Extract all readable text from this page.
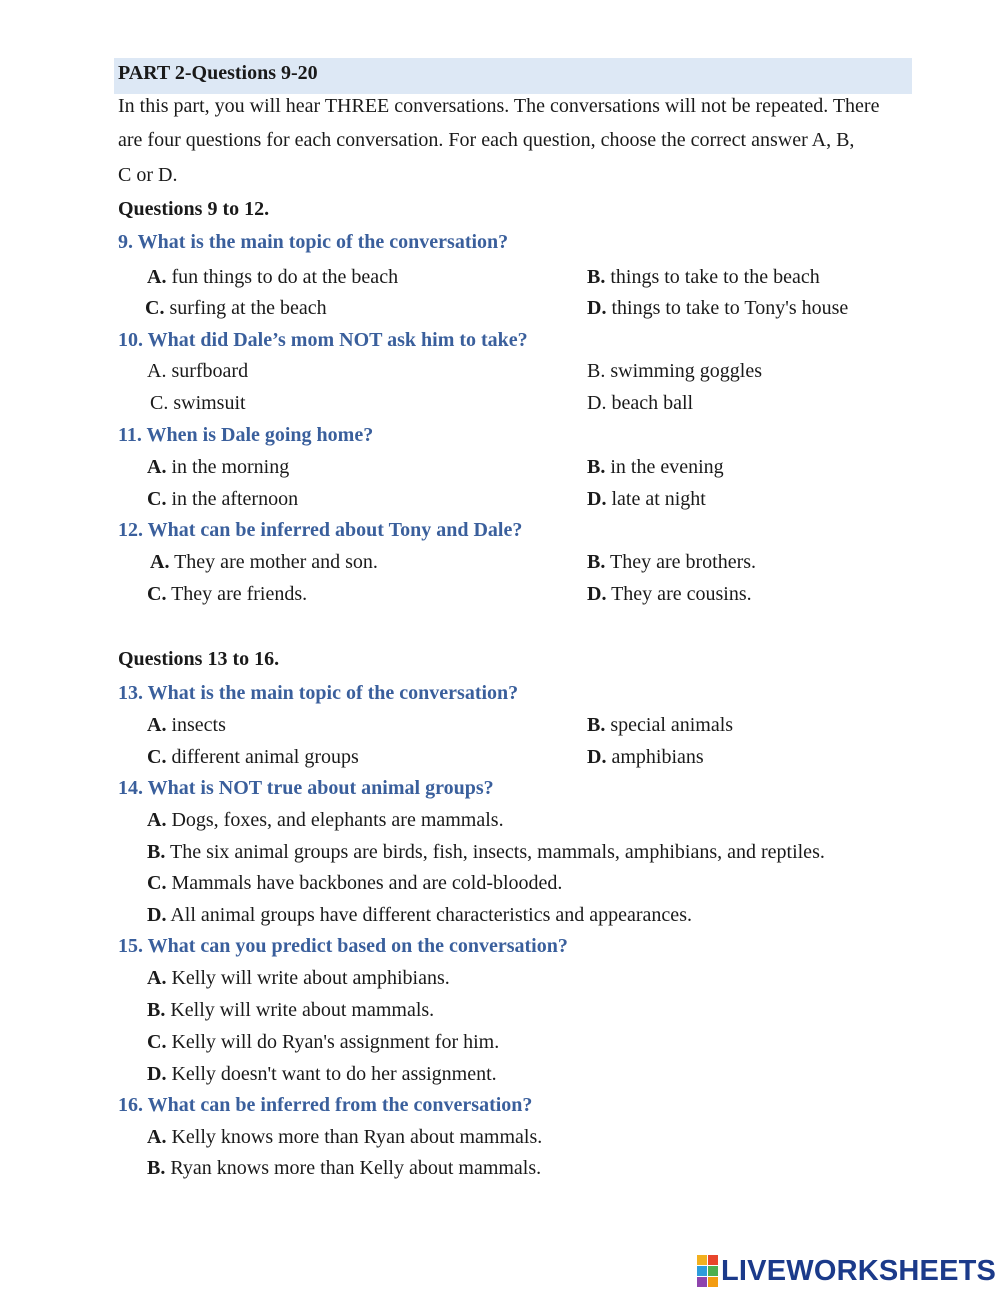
PART 2-Questions 9-20
In this part, you will hear THREE conversations. The conversations will not be repeated. There
are four questions for each conversation. For each question, choose the correct answer A, B,
C or D.
Questions 9 to 12.
9. What is the main topic of the conversation?
A. fun things to do at the beach	B. things to take to the beach
C. surfing at the beach	D. things to take to Tony's house
10. What did Dale’s mom NOT ask him to take?
A. surfboard	B. swimming goggles
C. swimsuit	D. beach ball
11. When is Dale going home?
A. in the morning	B. in the evening
C. in the afternoon	D. late at night
12. What can be inferred about Tony and Dale?
A. They are mother and son.	B. They are brothers.
C. They are friends.	D. They are cousins.
Questions 13 to 16.
13. What is the main topic of the conversation?
A. insects	B. special animals
C. different animal groups	D. amphibians
14. What is NOT true about animal groups?
A. Dogs, foxes, and elephants are mammals.
B. The six animal groups are birds, fish, insects, mammals, amphibians, and reptiles.
C. Mammals have backbones and are cold-blooded.
D. All animal groups have different characteristics and appearances.
15. What can you predict based on the conversation?
A. Kelly will write about amphibians.
B. Kelly will write about mammals.
C. Kelly will do Ryan's assignment for him.
D. Kelly doesn't want to do her assignment.
16. What can be inferred from the conversation?
A. Kelly knows more than Ryan about mammals.
B. Ryan knows more than Kelly about mammals.
LIVEWORKSHEETS
